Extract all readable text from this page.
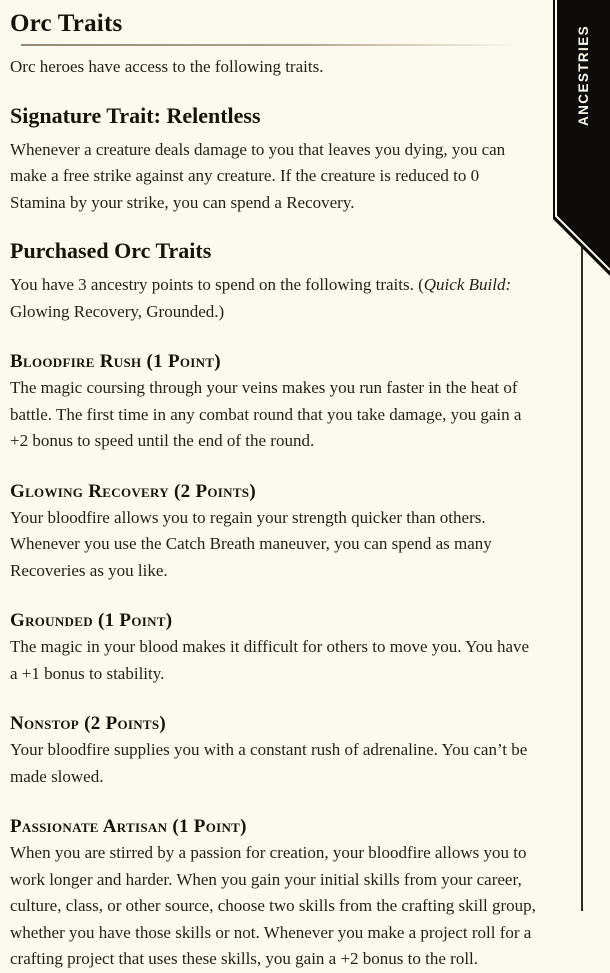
Orc Traits

Orc heroes have access to the following traits.

Signature Trait: Relentless

Whenever a creature deals damage to you that leaves you dying, you can make a free strike against any creature. If the creature is reduced to 0 Stamina by your strike, you can spend a Recovery.

Purchased Orc Traits

You have 3 ancestry points to spend on the following traits. (Quick Build: Glowing Recovery, Grounded.)

Bloodfire Rush (1 Point)

The magic coursing through your veins makes you run faster in the heat of battle. The first time in any combat round that you take damage, you gain a +2 bonus to speed until the end of the round.

Glowing Recovery (2 Points)

Your bloodfire allows you to regain your strength quicker than others. Whenever you use the Catch Breath maneuver, you can spend as many Recoveries as you like.

Grounded (1 Point)

The magic in your blood makes it difficult for others to move you. You have a +1 bonus to stability.

Nonstop (2 Points)

Your bloodfire supplies you with a constant rush of adrenaline. You can’t be made slowed.

Passionate Artisan (1 Point)

When you are stirred by a passion for creation, your bloodfire allows you to work longer and harder. When you gain your initial skills from your career, culture, class, or other source, choose two skills from the crafting skill group, whether you have those skills or not. Whenever you make a project roll for a crafting project that uses these skills, you gain a +2 bonus to the roll.

ANCESTRIES
